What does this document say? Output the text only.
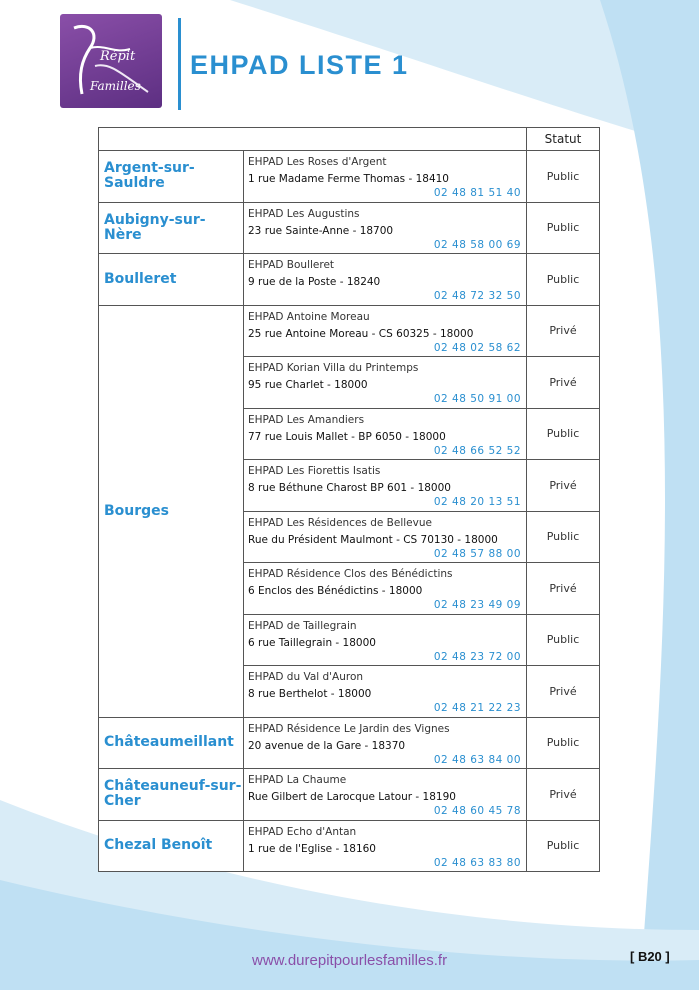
Répit
Familles
EHPAD LISTE 1
		Statut
Argent-sur-Sauldre	EHPAD Les Roses d'Argent
1 rue Madame Ferme Thomas - 18410
02 48 81 51 40	Public
Aubigny-sur-Nère	EHPAD Les Augustins
23 rue Sainte-Anne - 18700
02 48 58 00 69	Public
Boulleret	EHPAD Boulleret
9 rue de la Poste - 18240
02 48 72 32 50	Public
Bourges	EHPAD Antoine Moreau
25 rue Antoine Moreau - CS 60325 - 18000
02 48 02 58 62	Privé

	EHPAD Korian Villa du Printemps
95 rue Charlet - 18000
02 48 50 91 00	Privé

	EHPAD Les Amandiers
77 rue Louis Mallet - BP 6050 - 18000
02 48 66 52 52	Public

	EHPAD Les Fiorettis Isatis
8 rue Béthune Charost BP 601 - 18000
02 48 20 13 51	Privé

	EHPAD Les Résidences de Bellevue
Rue du Président Maulmont - CS 70130 - 18000
02 48 57 88 00	Public

	EHPAD Résidence Clos des Bénédictins
6 Enclos des Bénédictins - 18000
02 48 23 49 09	Privé

	EHPAD de Taillegrain
6 rue Taillegrain - 18000
02 48 23 72 00	Public

	EHPAD du Val d'Auron
8 rue Berthelot - 18000
02 48 21 22 23	Privé
Châteaumeillant	EHPAD Résidence Le Jardin des Vignes
20 avenue de la Gare - 18370
02 48 63 84 00	Public
Châteauneuf-sur-Cher	EHPAD La Chaume
Rue Gilbert de Larocque Latour - 18190
02 48 60 45 78	Privé
Chezal Benoît	EHPAD Echo d'Antan
1 rue de l'Eglise - 18160
02 48 63 83 80	Public
www.durepitpourlesfamilles.fr	[ B20 ]
